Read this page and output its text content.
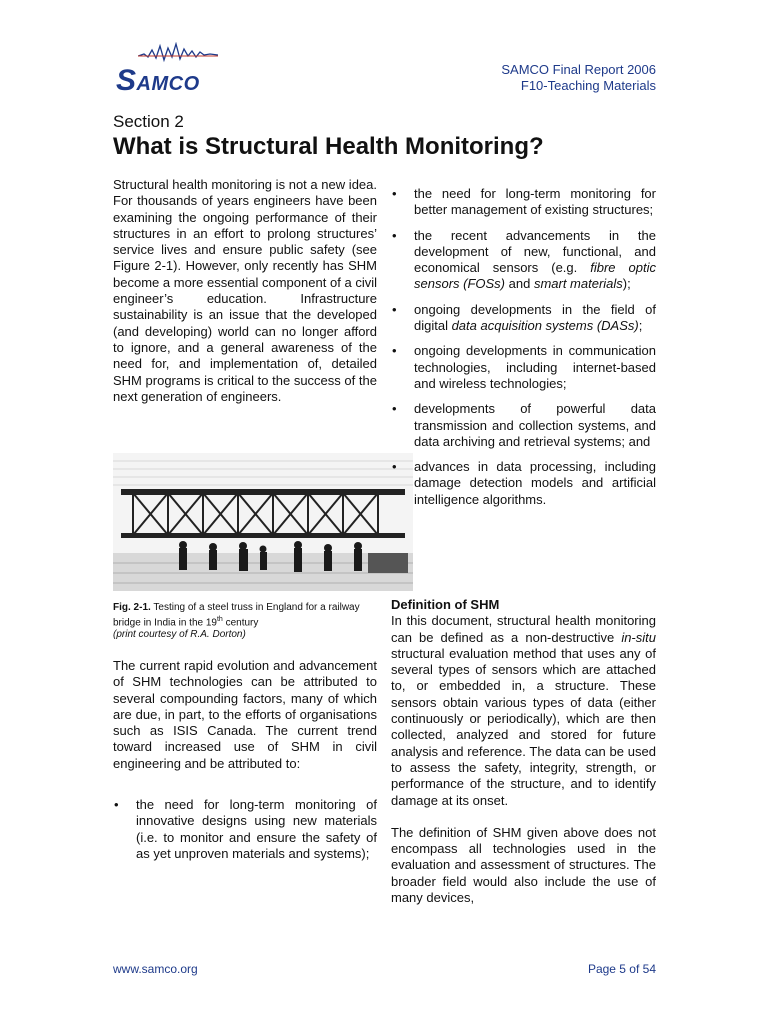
SAMCO
SAMCO Final Report 2006
F10-Teaching Materials
Section 2
What is Structural Health Monitoring?

Structural health monitoring is not a new idea. For thousands of years engineers have been examining the ongoing performance of their structures in an effort to prolong structures’ service lives and ensure public safety (see Figure 2-1). However, only recently has SHM become a more essential component of a civil engineer’s education. Infrastructure sustainability is an issue that the developed (and developing) world can no longer afford to ignore, and a general awareness of the need for, and implementation of, detailed SHM programs is critical to the success of the next generation of engineers.

Fig. 2-1. Testing of a steel truss in England for a railway bridge in India in the 19th century
(print courtesy of R.A. Dorton)

The current rapid evolution and advancement of SHM technologies can be attributed to several compounding factors, many of which are due, in part, to the efforts of organisations such as ISIS Canada. The current trend toward increased use of SHM in civil engineering and be attributed to:

• the need for long-term monitoring of innovative designs using new materials (i.e. to monitor and ensure the safety of as yet unproven materials and systems);
• the need for long-term monitoring for better management of existing structures;
• the recent advancements in the development of new, functional, and economical sensors (e.g. fibre optic sensors (FOSs) and smart materials);
• ongoing developments in the field of digital data acquisition systems (DASs);
• ongoing developments in communication technologies, including internet-based and wireless technologies;
• developments of powerful data transmission and collection systems, and data archiving and retrieval systems; and
• advances in data processing, including damage detection models and artificial intelligence algorithms.
Definition of SHM

In this document, structural health monitoring can be defined as a non-destructive in-situ structural evaluation method that uses any of several types of sensors which are attached to, or embedded in, a structure. These sensors obtain various types of data (either continuously or periodically), which are then collected, analyzed and stored for future analysis and reference. The data can be used to assess the safety, integrity, strength, or performance of the structure, and to identify damage at its onset.

The definition of SHM given above does not encompass all technologies used in the evaluation and assessment of structures. The broader field would also include the use of many devices,

www.samco.org	Page 5 of 54
